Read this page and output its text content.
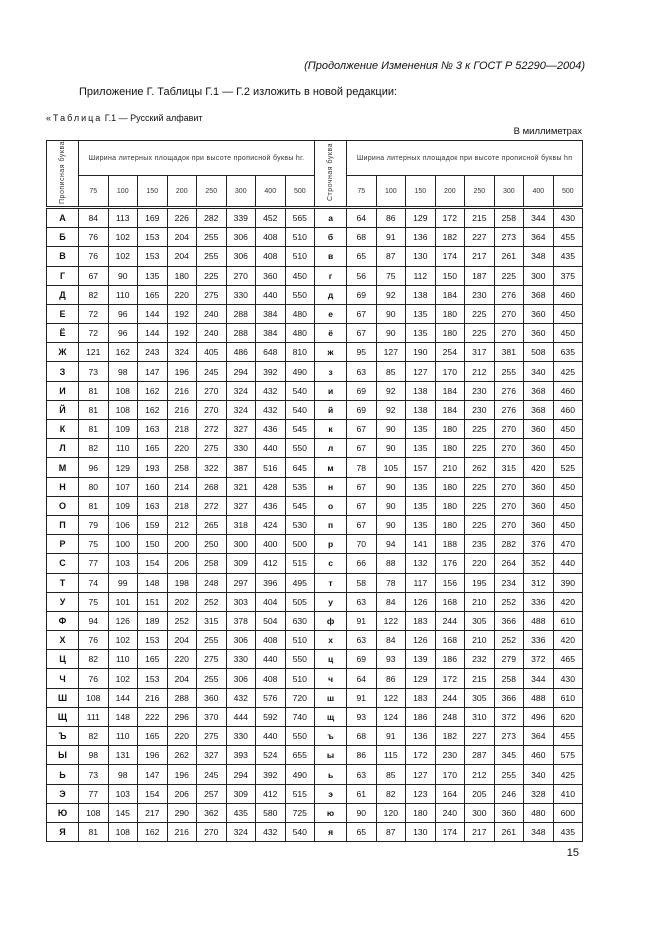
(Продолжение Изменения № 3 к ГОСТ Р 52290—2004)
Приложение Г. Таблицы Г.1 — Г.2 изложить в новой редакции:
«Таблица Г.1 — Русский алфавит
В миллиметрах
Прописная буква	Ширина литерных площадок при высоте прописной буквы hг.								Строчная буква	Ширина литерных площадок при высоте прописной буквы hп							
	75	100	150	200	250	300	400	500		75	100	150	200	250	300	400	500
А	84	113	169	226	282	339	452	565	а	64	86	129	172	215	258	344	430
Б	76	102	153	204	255	306	408	510	б	68	91	136	182	227	273	364	455
В	76	102	153	204	255	306	408	510	в	65	87	130	174	217	261	348	435
Г	67	90	135	180	225	270	360	450	г	56	75	112	150	187	225	300	375
Д	82	110	165	220	275	330	440	550	д	69	92	138	184	230	276	368	460
Е	72	96	144	192	240	288	384	480	е	67	90	135	180	225	270	360	450
Ё	72	96	144	192	240	288	384	480	ё	67	90	135	180	225	270	360	450
Ж	121	162	243	324	405	486	648	810	ж	95	127	190	254	317	381	508	635
З	73	98	147	196	245	294	392	490	з	63	85	127	170	212	255	340	425
И	81	108	162	216	270	324	432	540	и	69	92	138	184	230	276	368	460
Й	81	108	162	216	270	324	432	540	й	69	92	138	184	230	276	368	460
К	81	109	163	218	272	327	436	545	к	67	90	135	180	225	270	360	450
Л	82	110	165	220	275	330	440	550	л	67	90	135	180	225	270	360	450
М	96	129	193	258	322	387	516	645	м	78	105	157	210	262	315	420	525
Н	80	107	160	214	268	321	428	535	н	67	90	135	180	225	270	360	450
О	81	109	163	218	272	327	436	545	о	67	90	135	180	225	270	360	450
П	79	106	159	212	265	318	424	530	п	67	90	135	180	225	270	360	450
Р	75	100	150	200	250	300	400	500	р	70	94	141	188	235	282	376	470
С	77	103	154	206	258	309	412	515	с	66	88	132	176	220	264	352	440
Т	74	99	148	198	248	297	396	495	т	58	78	117	156	195	234	312	390
У	75	101	151	202	252	303	404	505	у	63	84	126	168	210	252	336	420
Ф	94	126	189	252	315	378	504	630	ф	91	122	183	244	305	366	488	610
Х	76	102	153	204	255	306	408	510	х	63	84	126	168	210	252	336	420
Ц	82	110	165	220	275	330	440	550	ц	69	93	139	186	232	279	372	465
Ч	76	102	153	204	255	306	408	510	ч	64	86	129	172	215	258	344	430
Ш	108	144	216	288	360	432	576	720	ш	91	122	183	244	305	366	488	610
Щ	111	148	222	296	370	444	592	740	щ	93	124	186	248	310	372	496	620
Ъ	82	110	165	220	275	330	440	550	ъ	68	91	136	182	227	273	364	455
Ы	98	131	196	262	327	393	524	655	ы	86	115	172	230	287	345	460	575
Ь	73	98	147	196	245	294	392	490	ь	63	85	127	170	212	255	340	425
Э	77	103	154	206	257	309	412	515	э	61	82	123	164	205	246	328	410
Ю	108	145	217	290	362	435	580	725	ю	90	120	180	240	300	360	480	600
Я	81	108	162	216	270	324	432	540	я	65	87	130	174	217	261	348	435
15
